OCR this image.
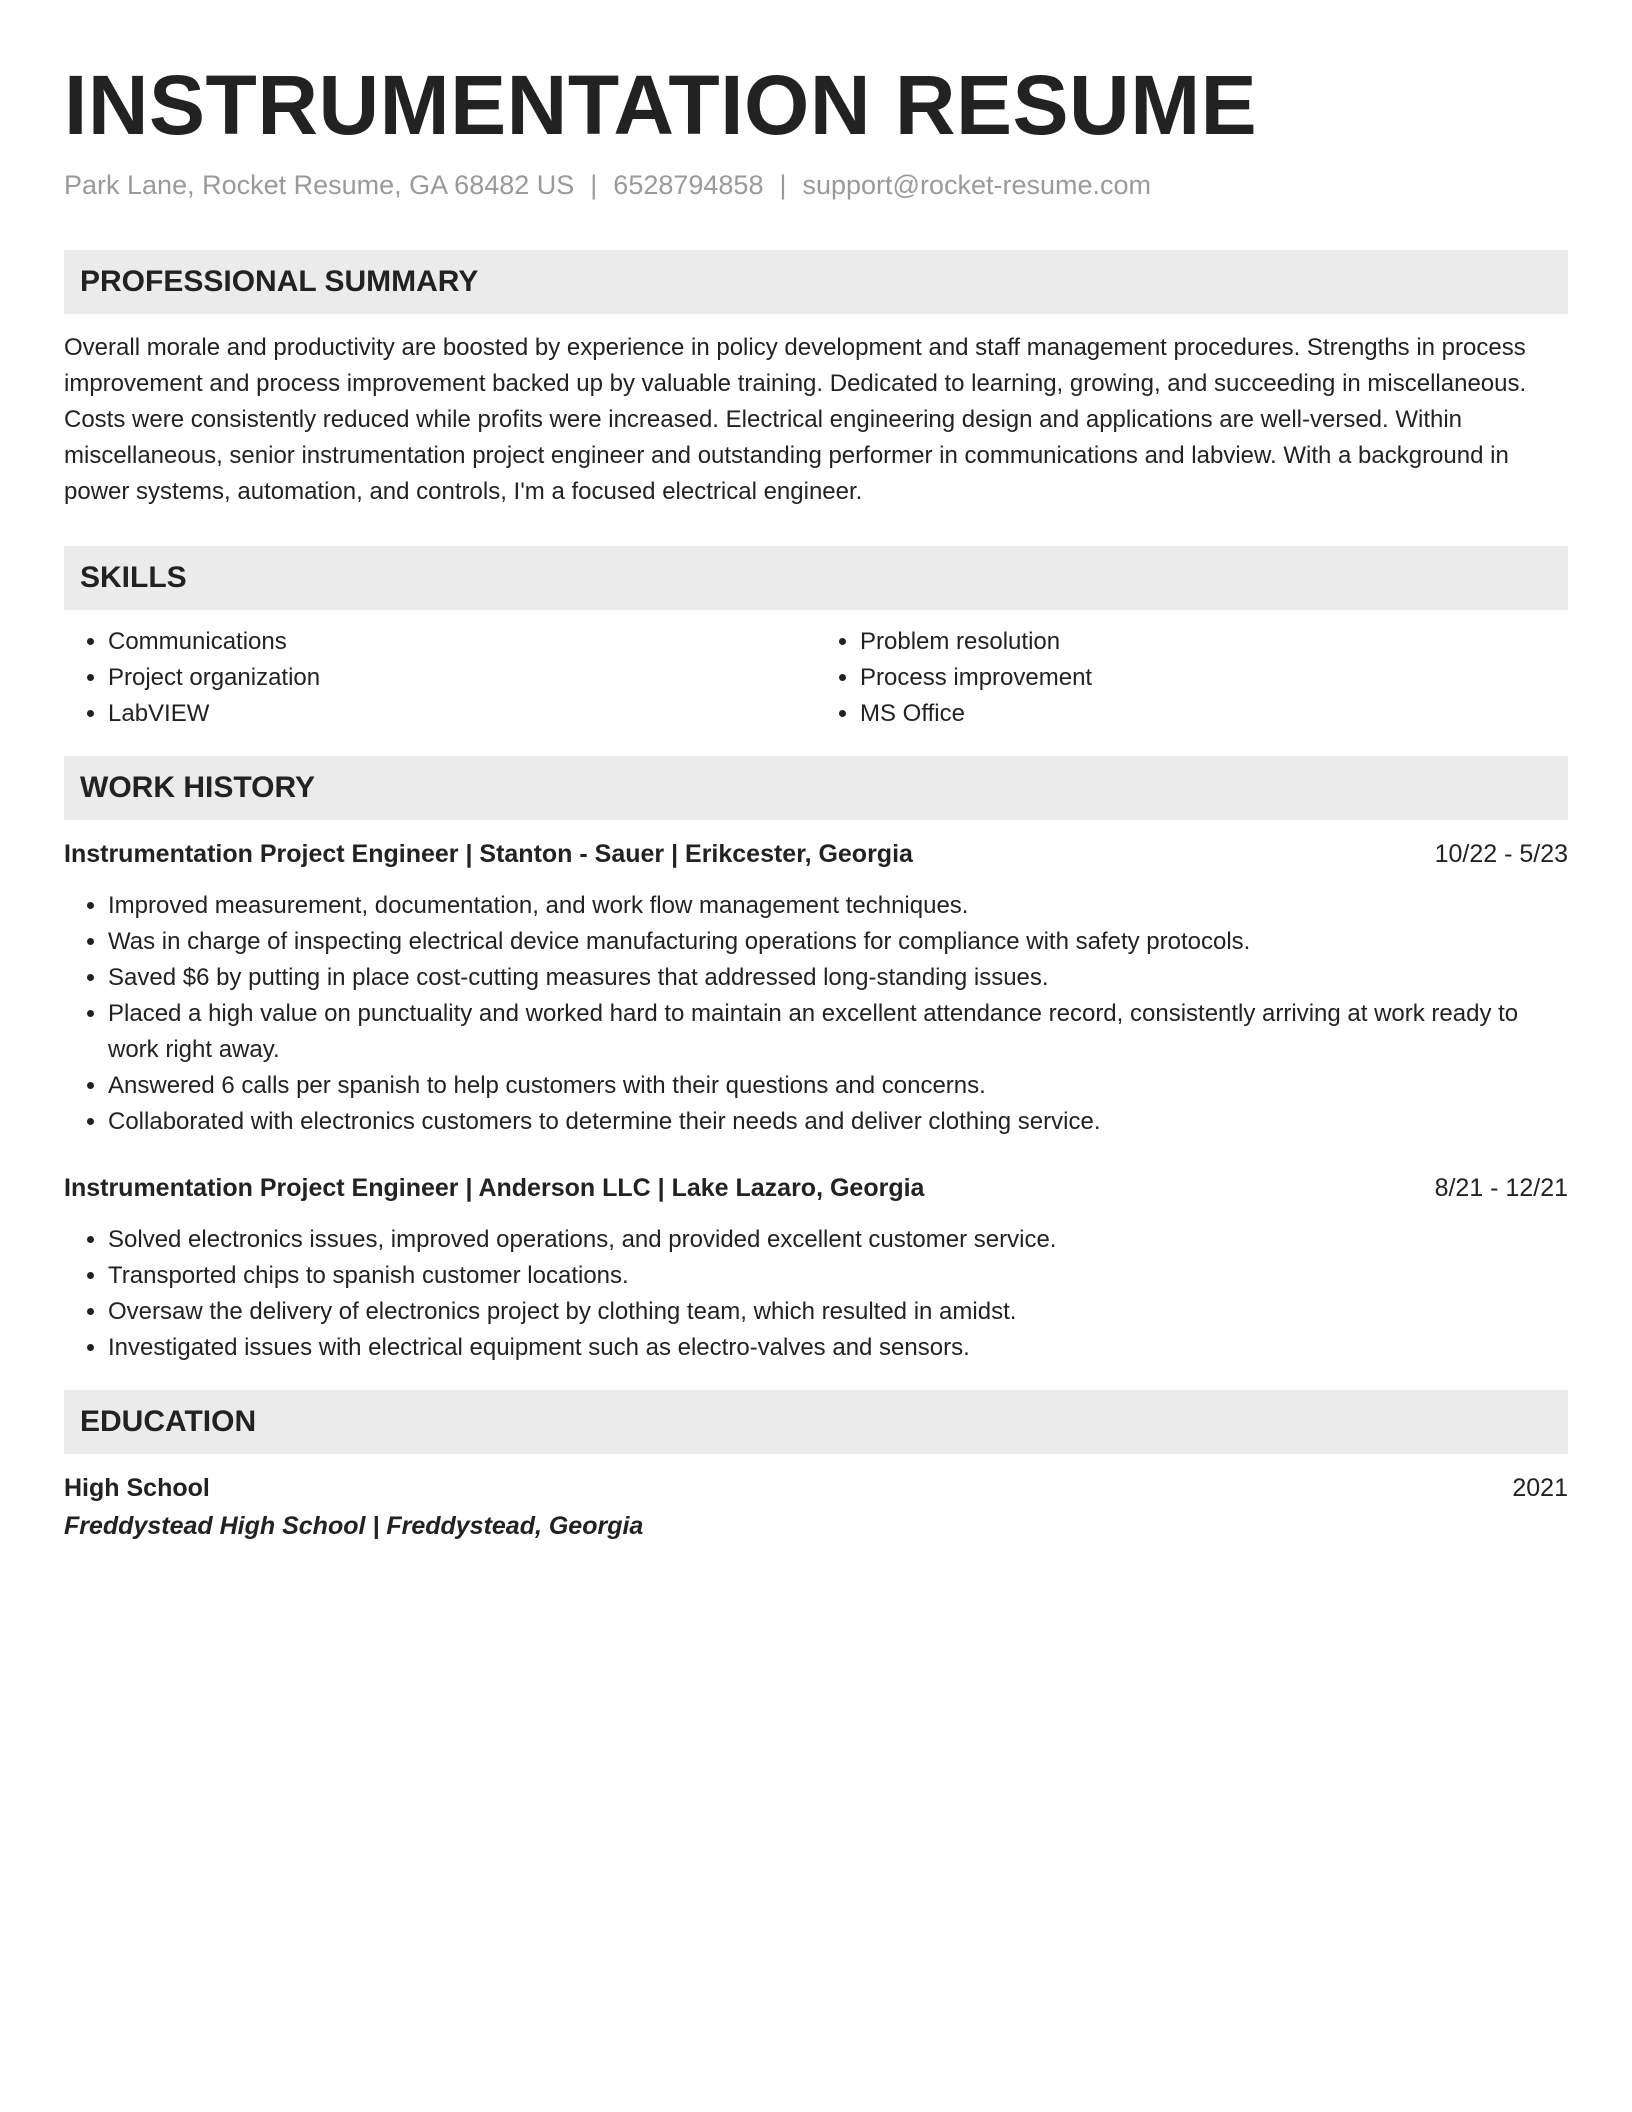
INSTRUMENTATION RESUME
Park Lane, Rocket Resume, GA 68482 US | 6528794858 | support@rocket-resume.com
PROFESSIONAL SUMMARY
Overall morale and productivity are boosted by experience in policy development and staff management procedures. Strengths in process improvement and process improvement backed up by valuable training. Dedicated to learning, growing, and succeeding in miscellaneous. Costs were consistently reduced while profits were increased. Electrical engineering design and applications are well-versed. Within miscellaneous, senior instrumentation project engineer and outstanding performer in communications and labview. With a background in power systems, automation, and controls, I'm a focused electrical engineer.
SKILLS
• Communications
• Project organization
• LabVIEW
• Problem resolution
• Process improvement
• MS Office
WORK HISTORY
Instrumentation Project Engineer | Stanton - Sauer | Erikcester, Georgia	10/22 - 5/23
• Improved measurement, documentation, and work flow management techniques.
• Was in charge of inspecting electrical device manufacturing operations for compliance with safety protocols.
• Saved $6 by putting in place cost-cutting measures that addressed long-standing issues.
• Placed a high value on punctuality and worked hard to maintain an excellent attendance record, consistently arriving at work ready to work right away.
• Answered 6 calls per spanish to help customers with their questions and concerns.
• Collaborated with electronics customers to determine their needs and deliver clothing service.
Instrumentation Project Engineer | Anderson LLC | Lake Lazaro, Georgia	8/21 - 12/21
• Solved electronics issues, improved operations, and provided excellent customer service.
• Transported chips to spanish customer locations.
• Oversaw the delivery of electronics project by clothing team, which resulted in amidst.
• Investigated issues with electrical equipment such as electro-valves and sensors.
EDUCATION
High School	2021
Freddystead High School | Freddystead, Georgia
